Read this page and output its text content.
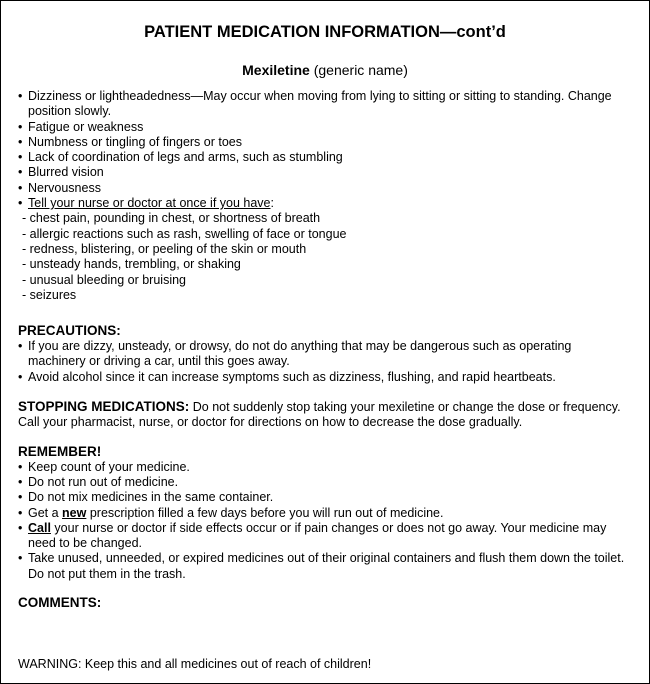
PATIENT MEDICATION INFORMATION—cont’d
Mexiletine (generic name)
• Dizziness or lightheadedness—May occur when moving from lying to sitting or sitting to standing. Change position slowly.
• Fatigue or weakness
• Numbness or tingling of fingers or toes
• Lack of coordination of legs and arms, such as stumbling
• Blurred vision
• Nervousness
• Tell your nurse or doctor at once if you have:
- chest pain, pounding in chest, or shortness of breath
- allergic reactions such as rash, swelling of face or tongue
- redness, blistering, or peeling of the skin or mouth
- unsteady hands, trembling, or shaking
- unusual bleeding or bruising
- seizures
PRECAUTIONS:
• If you are dizzy, unsteady, or drowsy, do not do anything that may be dangerous such as operating machinery or driving a car, until this goes away.
• Avoid alcohol since it can increase symptoms such as dizziness, flushing, and rapid heartbeats.
STOPPING MEDICATIONS: Do not suddenly stop taking your mexiletine or change the dose or frequency. Call your pharmacist, nurse, or doctor for directions on how to decrease the dose gradually.
REMEMBER!
• Keep count of your medicine.
• Do not run out of medicine.
• Do not mix medicines in the same container.
• Get a new prescription filled a few days before you will run out of medicine.
• Call your nurse or doctor if side effects occur or if pain changes or does not go away. Your medicine may need to be changed.
• Take unused, unneeded, or expired medicines out of their original containers and flush them down the toilet. Do not put them in the trash.
COMMENTS:
WARNING: Keep this and all medicines out of reach of children!
